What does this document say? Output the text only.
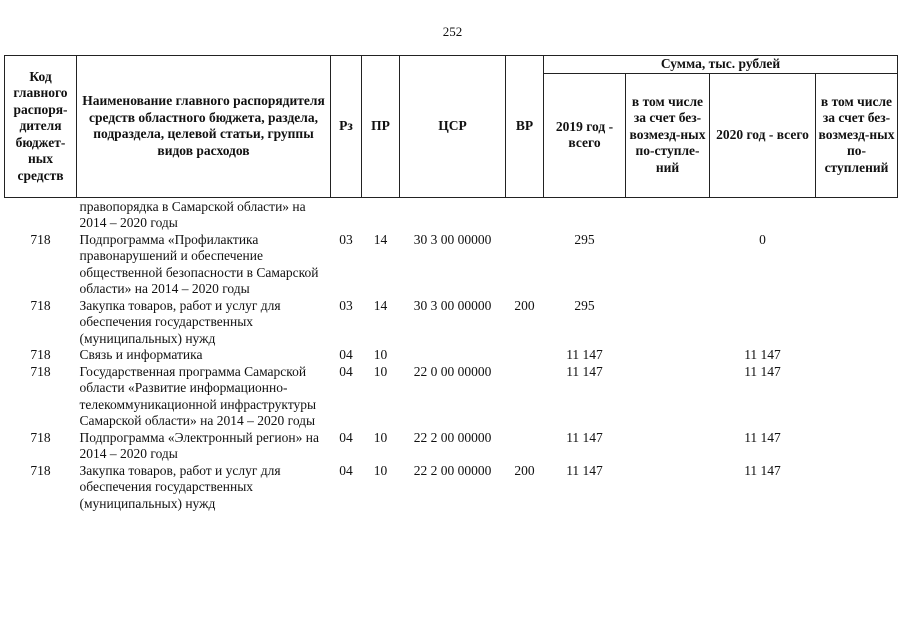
252
Код главного распоря-дителя бюджет-ных средств	Наименование главного распорядителя средств областного бюджета, раздела, подраздела, целевой статьи, группы видов расходов	Рз	ПР	ЦСР	ВР	Сумма, тыс. рублей			
						2019 год - всего	в том числе за счет без-возмезд-ных по-ступле-ний	2020 год - всего	в том числе за счет без-возмезд-ных по-ступлений
	правопорядка в Самарской области» на 2014 – 2020 годы								
718	Подпрограмма «Профилактика правонарушений и обеспечение общественной безопасности в Самарской области» на 2014 – 2020 годы	03	14	30 3 00 00000		295		0	
718	Закупка товаров, работ и услуг для обеспечения государственных (муниципальных) нужд	03	14	30 3 00 00000	200	295			
718	Связь и информатика	04	10			11 147		11 147	
718	Государственная программа Самарской области «Развитие информационно-телекоммуникационной инфраструктуры Самарской области» на 2014 – 2020 годы	04	10	22 0 00 00000		11 147		11 147	
718	Подпрограмма «Электронный регион» на 2014 – 2020 годы	04	10	22 2 00 00000		11 147		11 147	
718	Закупка товаров, работ и услуг для обеспечения государственных (муниципальных) нужд	04	10	22 2 00 00000	200	11 147		11 147	
